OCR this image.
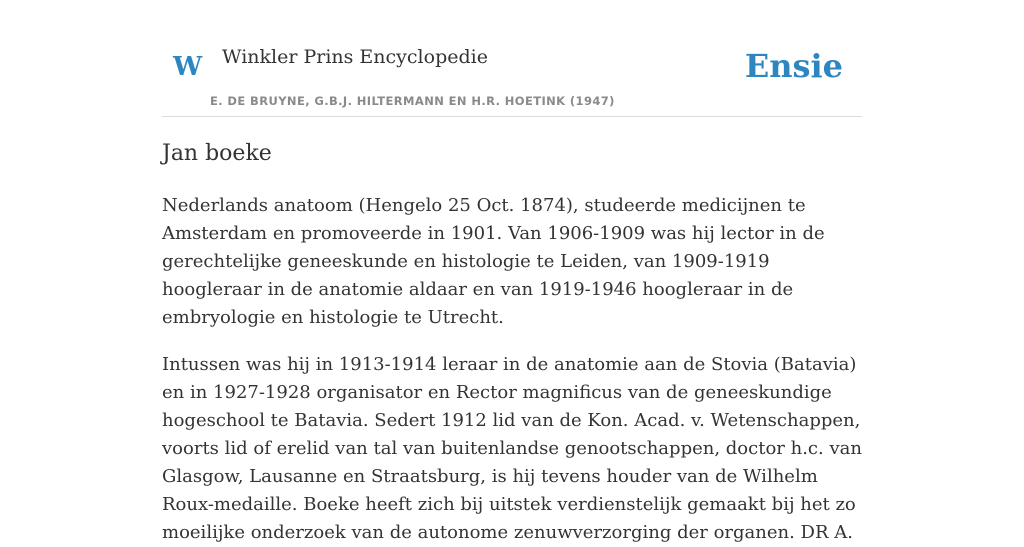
W Winkler Prins Encyclopedie
E. DE BRUYNE, G.B.J. HILTERMANN EN H.R. HOETINK (1947)
Ensie
Jan boeke

Nederlands anatoom (Hengelo 25 Oct. 1874), studeerde medicijnen te Amsterdam en promoveerde in 1901. Van 1906-1909 was hij lector in de gerechtelijke geneeskunde en histologie te Leiden, van 1909-1919 hoogleraar in de anatomie aldaar en van 1919-1946 hoogleraar in de embryologie en histologie te Utrecht.

Intussen was hij in 1913-1914 leraar in de anatomie aan de Stovia (Batavia) en in 1927-1928 organisator en Rector magnificus van de geneeskundige hogeschool te Batavia. Sedert 1912 lid van de Kon. Acad. v. Wetenschappen, voorts lid of erelid van tal van buitenlandse genootschappen, doctor h.c. van Glasgow, Lausanne en Straatsburg, is hij tevens houder van de Wilhelm Roux-medaille. Boeke heeft zich bij uitstek verdienstelijk gemaakt bij het zo moeilijke onderzoek van de autonome zenuwverzorging der organen. DR A.
